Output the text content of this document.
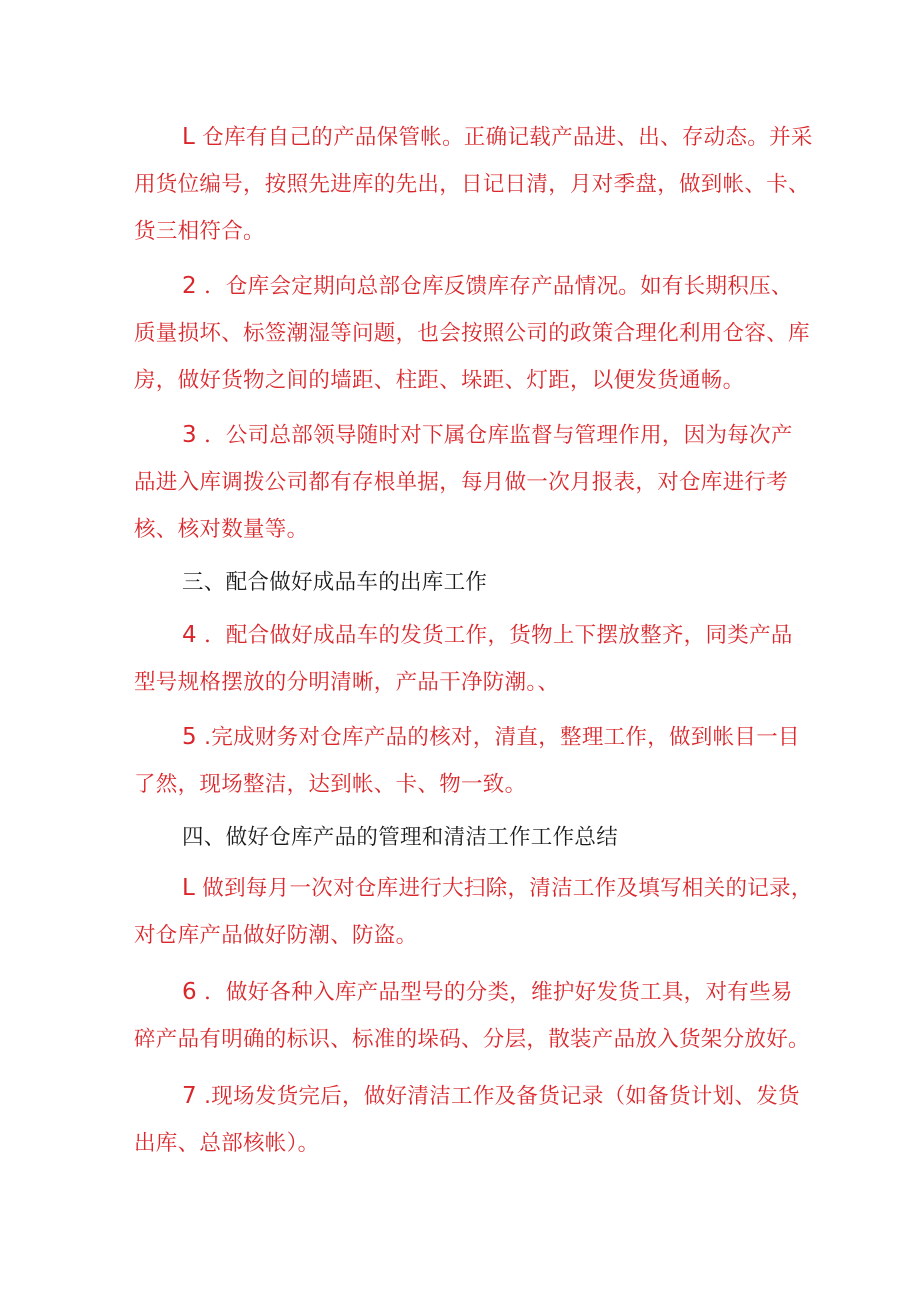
L 仓库有自己的产品保管帐。正确记载产品进、出、存动态。并采用货位编号，按照先进库的先出，日记日清，月对季盘，做到帐、卡、货三相符合。

2 ．仓库会定期向总部仓库反馈库存产品情况。如有长期积压、质量损坏、标签潮湿等问题，也会按照公司的政策合理化利用仓容、库房，做好货物之间的墙距、柱距、垛距、灯距，以便发货通畅。

3 ．公司总部领导随时对下属仓库监督与管理作用，因为每次产品进入库调拨公司都有存根单据，每月做一次月报表，对仓库进行考核、核对数量等。

三、配合做好成品车的出库工作

4 ．配合做好成品车的发货工作，货物上下摆放整齐，同类产品型号规格摆放的分明清晰，产品干净防潮。、

5 .完成财务对仓库产品的核对，清直，整理工作，做到帐目一目了然，现场整洁，达到帐、卡、物一致。

四、做好仓库产品的管理和清洁工作工作总结

L 做到每月一次对仓库进行大扫除，清洁工作及填写相关的记录，对仓库产品做好防潮、防盗。

6 ．做好各种入库产品型号的分类，维护好发货工具，对有些易碎产品有明确的标识、标准的垛码、分层，散装产品放入货架分放好。

7 .现场发货完后，做好清洁工作及备货记录（如备货计划、发货出库、总部核帐）。
